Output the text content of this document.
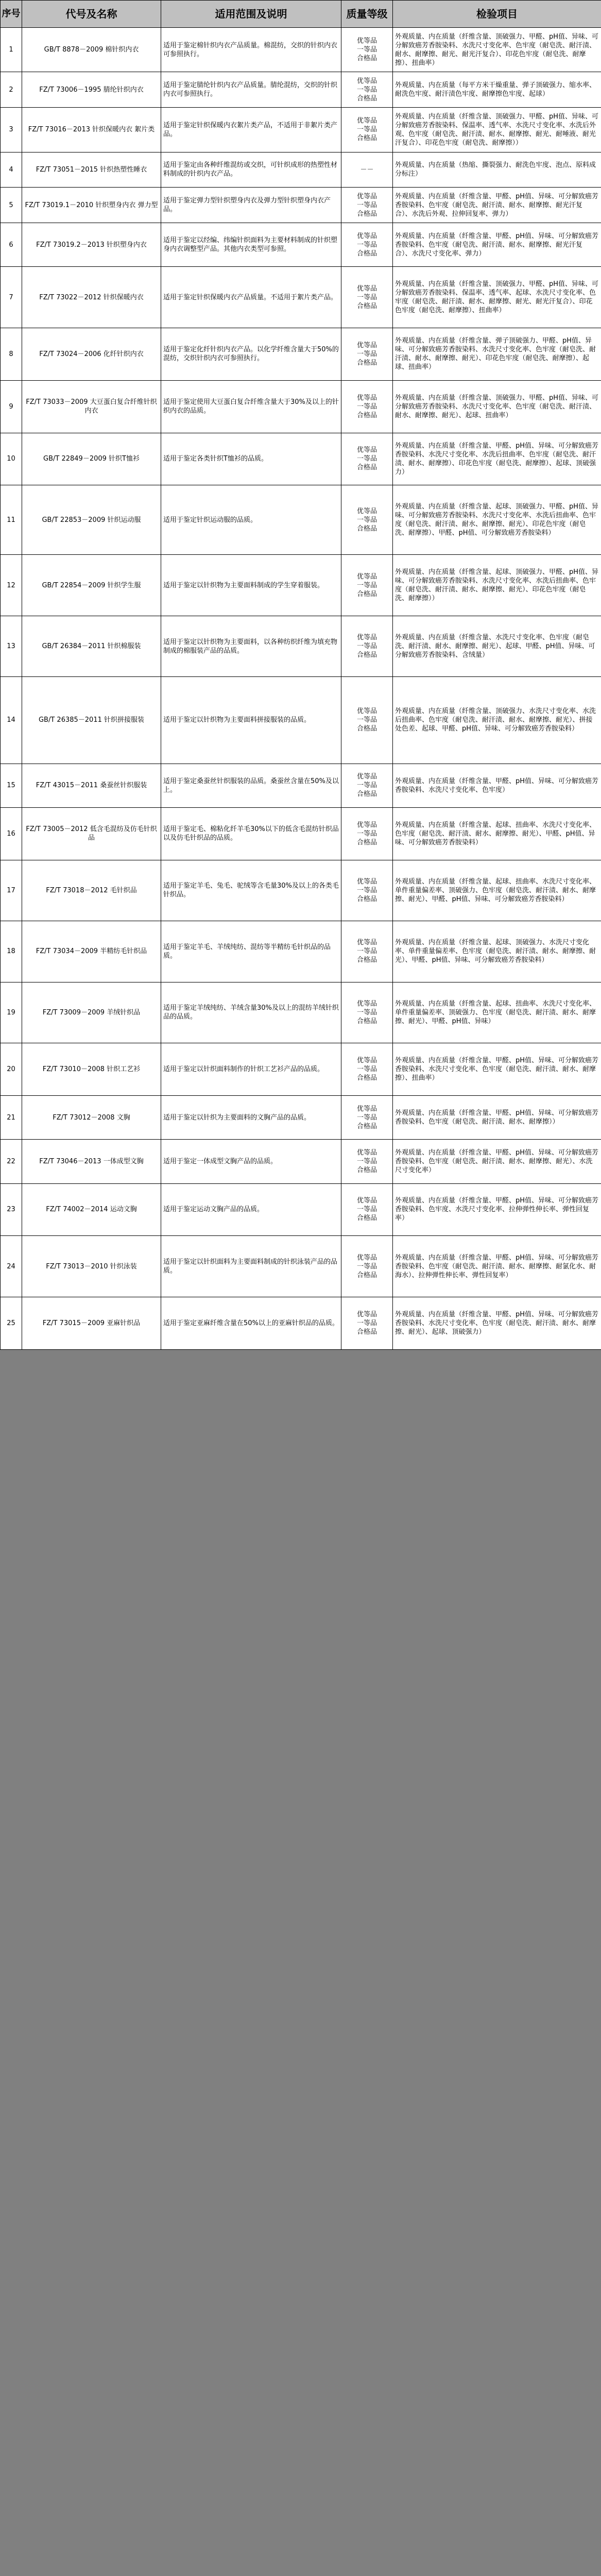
序号	代号及名称	适用范围及说明	质量等级	检验项目
1	GB/T 8878－2009 棉针织内衣	适用于鉴定棉针织内衣产品质量。棉混纺，交织的针织内衣可参照执行。	优等品
一等品
合格品	外观质量、内在质量（纤维含量、顶破强力、甲醛、pH值、异味、可分解致癌芳香胺染料、水洗尺寸变化率、色牢度（耐皂洗、耐汗渍、耐水、耐摩擦、耐光、耐光汗复合）、印花色牢度（耐皂洗、耐摩擦）、扭曲率）
2	FZ/T 73006－1995 腈纶针织内衣	适用于鉴定腈纶针织内衣产品质量。腈纶混纺，交织的针织内衣可参照执行。	优等品
一等品
合格品	外观质量、内在质量（每平方米干燥重量、弹子顶破强力、缩水率、耐洗色牢度、耐汗渍色牢度、耐摩擦色牢度、起球）
3	FZ/T 73016－2013 针织保暖内衣 絮片类	适用于鉴定针织保暖内衣絮片类产品，不适用于非絮片类产品。	优等品
一等品
合格品	外观质量、内在质量（纤维含量、顶破强力、甲醛、pH值、异味、可分解致癌芳香胺染料、保温率、透气率、水洗尺寸变化率、水洗后外观、色牢度（耐皂洗、耐汗渍、耐水、耐摩擦、耐光、耐唾液、耐光汗复合）、印花色牢度（耐皂洗、耐摩擦））
4	FZ/T 73051－2015 针织热塑性睡衣	适用于鉴定由各种纤维混纺或交织，可针织成形的热塑性材料制成的针织内衣产品。	－－	外观质量、内在质量（热缩、撕裂强力、耐洗色牢度、泡点、原料成分标注）
5	FZ/T 73019.1－2010 针织塑身内衣 弹力型	适用于鉴定弹力型针织塑身内衣及弹力型针织塑身内衣产品。	优等品
一等品
合格品	外观质量、内在质量（纤维含量、甲醛、pH值、异味、可分解致癌芳香胺染料、色牢度（耐皂洗、耐汗渍、耐水、耐摩擦、耐光汗复合）、水洗后外观、拉伸回复率、弹力）
6	FZ/T 73019.2－2013 针织塑身内衣	适用于鉴定以经编、纬编针织面料为主要材料制成的针织塑身内衣调整型产品。其他内衣类型可参照。	优等品
一等品
合格品	外观质量、内在质量（纤维含量、甲醛、pH值、异味、可分解致癌芳香胺染料、色牢度（耐皂洗、耐汗渍、耐水、耐摩擦、耐光汗复合）、水洗尺寸变化率、弹力）
7	FZ/T 73022－2012 针织保暖内衣	适用于鉴定针织保暖内衣产品质量。不适用于絮片类产品。	优等品
一等品
合格品	外观质量、内在质量（纤维含量、顶破强力、甲醛、pH值、异味、可分解致癌芳香胺染料、保温率、透气率、起球、水洗尺寸变化率、色牢度（耐皂洗、耐汗渍、耐水、耐摩擦、耐光、耐光汗复合）、印花色牢度（耐皂洗、耐摩擦）、扭曲率）
8	FZ/T 73024－2006 化纤针织内衣	适用于鉴定化纤针织内衣产品。以化学纤维含量大于50%的混纺，交织针织内衣可参照执行。	优等品
一等品
合格品	外观质量、内在质量（纤维含量、弹子顶破强力、甲醛、pH值、异味、可分解致癌芳香胺染料、水洗尺寸变化率、色牢度（耐皂洗、耐汗渍、耐水、耐摩擦、耐光）、印花色牢度（耐皂洗、耐摩擦）、起球、扭曲率）
9	FZ/T 73033－2009 大豆蛋白复合纤维针织内衣	适用于鉴定使用大豆蛋白复合纤维含量大于30%及以上的针织内衣的品质。	优等品
一等品
合格品	外观质量、内在质量（纤维含量、顶破强力、甲醛、pH值、异味、可分解致癌芳香胺染料、水洗尺寸变化率、色牢度（耐皂洗、耐汗渍、耐水、耐摩擦、耐光）、起球、扭曲率）
10	GB/T 22849－2009 针织T恤衫	适用于鉴定各类针织T恤衫的品质。	优等品
一等品
合格品	外观质量、内在质量（纤维含量、甲醛、pH值、异味、可分解致癌芳香胺染料、水洗尺寸变化率、水洗后扭曲率、色牢度（耐皂洗、耐汗渍、耐水、耐摩擦）、印花色牢度（耐皂洗、耐摩擦）、起球、顶破强力）
11	GB/T 22853－2009 针织运动服	适用于鉴定针织运动服的品质。	优等品
一等品
合格品	外观质量、内在质量（纤维含量、起球、顶破强力、甲醛、pH值、异味、可分解致癌芳香胺染料、水洗尺寸变化率、水洗后扭曲率、色牢度（耐皂洗、耐汗渍、耐水、耐摩擦、耐光）、印花色牢度（耐皂洗、耐摩擦）、甲醛、pH值、可分解致癌芳香胺染料）
12	GB/T 22854－2009 针织学生服	适用于鉴定以针织物为主要面料制成的学生穿着服装。	优等品
一等品
合格品	外观质量、内在质量（纤维含量、起球、顶破强力、甲醛、pH值、异味、可分解致癌芳香胺染料、水洗尺寸变化率、水洗后扭曲率、色牢度（耐皂洗、耐汗渍、耐水、耐摩擦、耐光）、印花色牢度（耐皂洗、耐摩擦））
13	GB/T 26384－2011 针织棉服装	适用于鉴定以针织物为主要面料，以各种纺织纤维为填充物制成的棉服装产品的品质。	优等品
一等品
合格品	外观质量、内在质量（纤维含量、水洗尺寸变化率、色牢度（耐皂洗、耐汗渍、耐水、耐摩擦、耐光）、起球、甲醛、pH值、异味、可分解致癌芳香胺染料、含绒量）
14	GB/T 26385－2011 针织拼接服装	适用于鉴定以针织物为主要面料拼接服装的品质。	优等品
一等品
合格品	外观质量、内在质量（纤维含量、顶破强力、水洗尺寸变化率、水洗后扭曲率、色牢度（耐皂洗、耐汗渍、耐水、耐摩擦、耐光）、拼接处色差、起球、甲醛、pH值、异味、可分解致癌芳香胺染料）
15	FZ/T 43015－2011 桑蚕丝针织服装	适用于鉴定桑蚕丝针织服装的品质。桑蚕丝含量在50%及以上。	优等品
一等品
合格品	外观质量、内在质量（纤维含量、甲醛、pH值、异味、可分解致癌芳香胺染料、水洗尺寸变化率、色牢度）
16	FZ/T 73005－2012 低含毛混纺及仿毛针织品	适用于鉴定毛、棉粘化纤羊毛30%以下的低含毛混纺针织品以及仿毛针织品的品质。	优等品
一等品
合格品	外观质量、内在质量（纤维含量、起球、扭曲率、水洗尺寸变化率、色牢度（耐皂洗、耐汗渍、耐水、耐摩擦、耐光）、甲醛、pH值、异味、可分解致癌芳香胺染料）
17	FZ/T 73018－2012 毛针织品	适用于鉴定羊毛、兔毛、驼绒等含毛量30%及以上的各类毛针织品。	优等品
一等品
合格品	外观质量、内在质量（纤维含量、起球、扭曲率、水洗尺寸变化率、单件重量偏差率、顶破强力、色牢度（耐皂洗、耐汗渍、耐水、耐摩擦、耐光）、甲醛、pH值、异味、可分解致癌芳香胺染料）
18	FZ/T 73034－2009 半精纺毛针织品	适用于鉴定羊毛、羊绒纯纺、混纺等半精纺毛针织品的品质。	优等品
一等品
合格品	外观质量、内在质量（纤维含量、起球、顶破强力、水洗尺寸变化率、单件重量偏差率、色牢度（耐皂洗、耐汗渍、耐水、耐摩擦、耐光）、甲醛、pH值、异味、可分解致癌芳香胺染料）
19	FZ/T 73009－2009 羊绒针织品	适用于鉴定羊绒纯纺、羊绒含量30%及以上的混纺羊绒针织品的品质。	优等品
一等品
合格品	外观质量、内在质量（纤维含量、起球、扭曲率、水洗尺寸变化率、单件重量偏差率、顶破强力、色牢度（耐皂洗、耐汗渍、耐水、耐摩擦、耐光）、甲醛、pH值、异味）
20	FZ/T 73010－2008 针织工艺衫	适用于鉴定以针织面料制作的针织工艺衫产品的品质。	优等品
一等品
合格品	外观质量、内在质量（纤维含量、甲醛、pH值、异味、可分解致癌芳香胺染料、水洗尺寸变化率、色牢度（耐皂洗、耐汗渍、耐水、耐摩擦）、扭曲率）
21	FZ/T 73012－2008 文胸	适用于鉴定以针织为主要面料的文胸产品的品质。	优等品
一等品
合格品	外观质量、内在质量（纤维含量、甲醛、pH值、异味、可分解致癌芳香胺染料、色牢度（耐皂洗、耐汗渍、耐水、耐摩擦））
22	FZ/T 73046－2013 一体成型文胸	适用于鉴定一体成型文胸产品的品质。	优等品
一等品
合格品	外观质量、内在质量（纤维含量、甲醛、pH值、异味、可分解致癌芳香胺染料、色牢度（耐皂洗、耐汗渍、耐水、耐摩擦、耐光）、水洗尺寸变化率）
23	FZ/T 74002－2014 运动文胸	适用于鉴定运动文胸产品的品质。	优等品
一等品
合格品	外观质量、内在质量（纤维含量、甲醛、pH值、异味、可分解致癌芳香胺染料、色牢度、水洗尺寸变化率、拉伸弹性伸长率、弹性回复率）
24	FZ/T 73013－2010 针织泳装	适用于鉴定以针织面料为主要面料制成的针织泳装产品的品质。	优等品
一等品
合格品	外观质量、内在质量（纤维含量、甲醛、pH值、异味、可分解致癌芳香胺染料、色牢度（耐皂洗、耐汗渍、耐水、耐摩擦、耐氯化水、耐海水）、拉伸弹性伸长率、弹性回复率）
25	FZ/T 73015－2009 亚麻针织品	适用于鉴定亚麻纤维含量在50%以上的亚麻针织品的品质。	优等品
一等品
合格品	外观质量、内在质量（纤维含量、甲醛、pH值、异味、可分解致癌芳香胺染料、水洗尺寸变化率、色牢度（耐皂洗、耐汗渍、耐水、耐摩擦、耐光）、起球、顶破强力）
